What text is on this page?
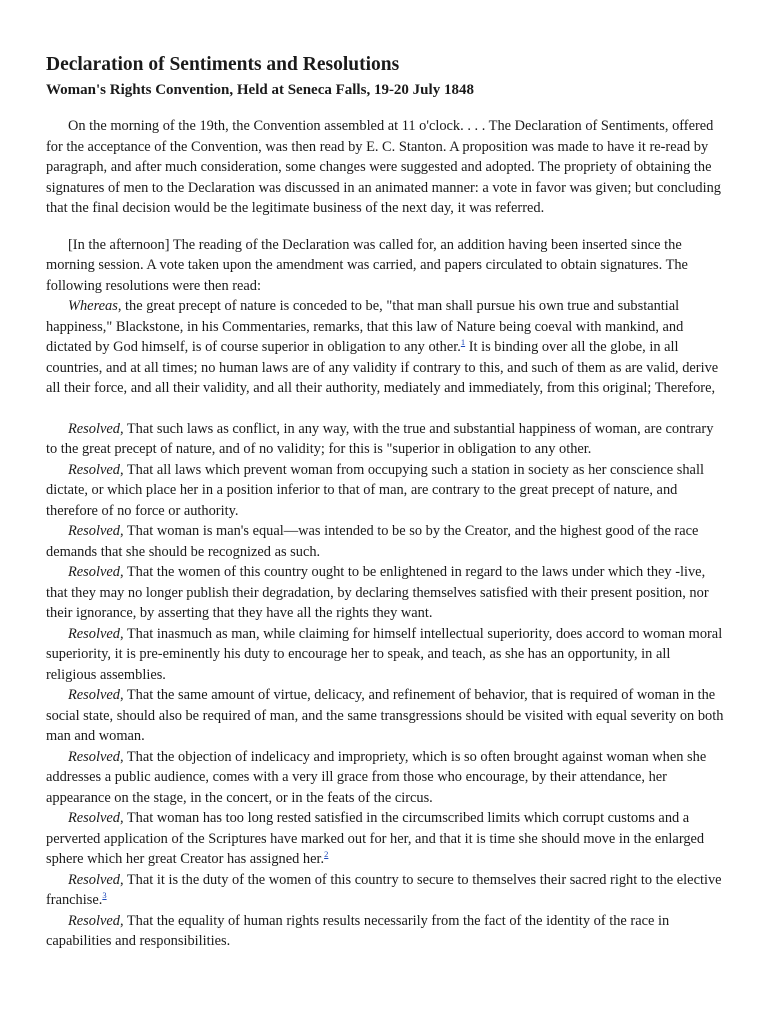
Declaration of Sentiments and Resolutions
Woman's Rights Convention, Held at Seneca Falls, 19-20 July 1848

On the morning of the 19th, the Convention assembled at 11 o'clock. . . . The Declaration of Sentiments, offered for the acceptance of the Convention, was then read by E. C. Stanton. A proposition was made to have it re-read by paragraph, and after much consideration, some changes were suggested and adopted. The propriety of obtaining the signatures of men to the Declaration was discussed in an animated manner: a vote in favor was given; but concluding that the final decision would be the legitimate business of the next day, it was referred.

[In the afternoon] The reading of the Declaration was called for, an addition having been inserted since the morning session. A vote taken upon the amendment was carried, and papers circulated to obtain signatures. The following resolutions were then read:

Whereas, the great precept of nature is conceded to be, "that man shall pursue his own true and substantial happiness," Blackstone, in his Commentaries, remarks, that this law of Nature being coeval with mankind, and dictated by God himself, is of course superior in obligation to any other.$^1$ It is binding over all the globe, in all countries, and at all times; no human laws are of any validity if contrary to this, and such of them as are valid, derive all their force, and all their validity, and all their authority, mediately and immediately, from this original; Therefore,

Resolved, That such laws as conflict, in any way, with the true and substantial happiness of woman, are contrary to the great precept of nature, and of no validity; for this is "superior in obligation to any other.

Resolved, That all laws which prevent woman from occupying such a station in society as her conscience shall dictate, or which place her in a position inferior to that of man, are contrary to the great precept of nature, and therefore of no force or authority.

Resolved, That woman is man's equal—was intended to be so by the Creator, and the highest good of the race demands that she should be recognized as such.

Resolved, That the women of this country ought to be enlightened in regard to the laws under which they -live, that they may no longer publish their degradation, by declaring themselves satisfied with their present position, nor their ignorance, by asserting that they have all the rights they want.

Resolved, That inasmuch as man, while claiming for himself intellectual superiority, does accord to woman moral superiority, it is pre-eminently his duty to encourage her to speak, and teach, as she has an opportunity, in all religious assemblies.

Resolved, That the same amount of virtue, delicacy, and refinement of behavior, that is required of woman in the social state, should also be required of man, and the same transgressions should be visited with equal severity on both man and woman.

Resolved, That the objection of indelicacy and impropriety, which is so often brought against woman when she addresses a public audience, comes with a very ill grace from those who encourage, by their attendance, her appearance on the stage, in the concert, or in the feats of the circus.

Resolved, That woman has too long rested satisfied in the circumscribed limits which corrupt customs and a perverted application of the Scriptures have marked out for her, and that it is time she should move in the enlarged sphere which her great Creator has assigned her.$^2$

Resolved, That it is the duty of the women of this country to secure to themselves their sacred right to the elective franchise.$^3$

Resolved, That the equality of human rights results necessarily from the fact of the identity of the race in capabilities and responsibilities.
